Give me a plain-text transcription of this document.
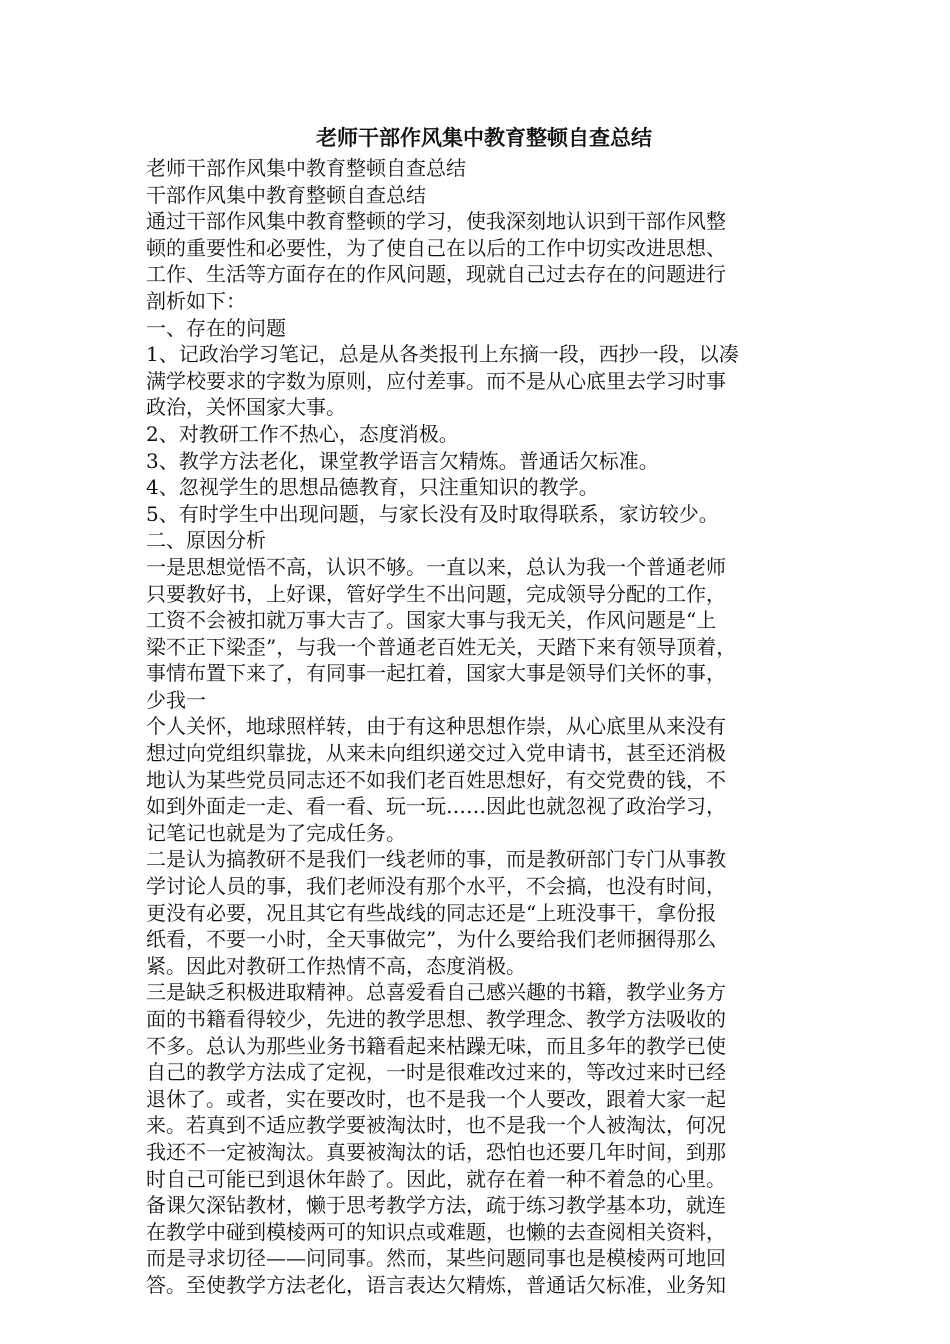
老师干部作风集中教育整顿自查总结

老师干部作风集中教育整顿自查总结

干部作风集中教育整顿自查总结

通过干部作风集中教育整顿的学习，使我深刻地认识到干部作风整

顿的重要性和必要性，为了使自己在以后的工作中切实改进思想、

工作、生活等方面存在的作风问题，现就自己过去存在的问题进行

剖析如下：

一、存在的问题

1、记政治学习笔记，总是从各类报刊上东摘一段，西抄一段，以凑

满学校要求的字数为原则，应付差事。而不是从心底里去学习时事

政治，关怀国家大事。

2、对教研工作不热心，态度消极。

3、教学方法老化，课堂教学语言欠精炼。普通话欠标准。

4、忽视学生的思想品德教育，只注重知识的教学。

5、有时学生中出现问题，与家长没有及时取得联系，家访较少。

二、原因分析

一是思想觉悟不高，认识不够。一直以来，总认为我一个普通老师

只要教好书，上好课，管好学生不出问题，完成领导分配的工作，

工资不会被扣就万事大吉了。国家大事与我无关，作风问题是“上

梁不正下梁歪”，与我一个普通老百姓无关，天踏下来有领导顶着，

事情布置下来了，有同事一起扛着，国家大事是领导们关怀的事，

少我一

个人关怀，地球照样转，由于有这种思想作崇，从心底里从来没有

想过向党组织靠拢，从来未向组织递交过入党申请书，甚至还消极

地认为某些党员同志还不如我们老百姓思想好，有交党费的钱，不

如到外面走一走、看一看、玩一玩……因此也就忽视了政治学习，

记笔记也就是为了完成任务。

二是认为搞教研不是我们一线老师的事，而是教研部门专门从事教

学讨论人员的事，我们老师没有那个水平，不会搞，也没有时间，

更没有必要，况且其它有些战线的同志还是“上班没事干，拿份报

纸看，不要一小时，全天事做完”，为什么要给我们老师捆得那么

紧。因此对教研工作热情不高，态度消极。

三是缺乏积极进取精神。总喜爱看自己感兴趣的书籍，教学业务方

面的书籍看得较少，先进的教学思想、教学理念、教学方法吸收的

不多。总认为那些业务书籍看起来枯躁无味，而且多年的教学已使

自己的教学方法成了定视，一时是很难改过来的，等改过来时已经

退休了。或者，实在要改时，也不是我一个人要改，跟着大家一起

来。若真到不适应教学要被淘汰时，也不是我一个人被淘汰，何况

我还不一定被淘汰。真要被淘汰的话，恐怕也还要几年时间，到那

时自己可能已到退休年龄了。因此，就存在着一种不着急的心里。

备课欠深钻教材，懒于思考教学方法，疏于练习教学基本功，就连

在教学中碰到模棱两可的知识点或难题，也懒的去查阅相关资料，

而是寻求切径——问同事。然而，某些问题同事也是模棱两可地回

答。至使教学方法老化，语言表达欠精炼，普通话欠标准，业务知
